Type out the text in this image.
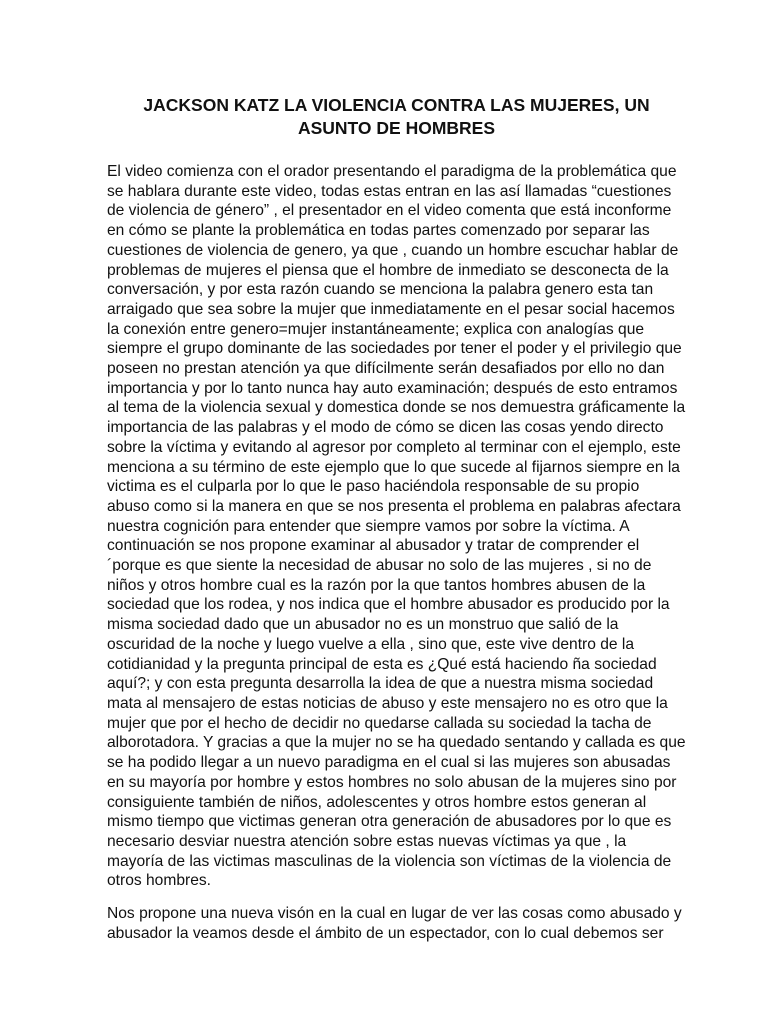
JACKSON KATZ LA VIOLENCIA CONTRA LAS MUJERES, UN ASUNTO DE HOMBRES

El video comienza con el orador presentando el paradigma de la problemática que se hablara durante este video, todas estas entran en las así llamadas “cuestiones de violencia de género” , el presentador en el video comenta que está inconforme en cómo se plante la problemática en todas partes comenzado por separar las cuestiones de violencia de genero, ya que , cuando un hombre escuchar hablar de problemas de mujeres el piensa que el hombre de inmediato se desconecta de la conversación, y por esta razón cuando se menciona la palabra genero esta tan arraigado que sea sobre la mujer que inmediatamente en el pesar social hacemos la conexión entre genero=mujer instantáneamente; explica con analogías que siempre el grupo dominante de las sociedades por tener el poder y el privilegio que poseen no prestan atención ya que difícilmente serán desafiados por ello no dan importancia y por lo tanto nunca hay auto examinación; después de esto entramos al tema de la violencia sexual y domestica donde se nos demuestra gráficamente la importancia de las palabras y el modo de cómo se dicen las cosas yendo directo sobre la víctima y evitando al agresor por completo al terminar con el ejemplo, este menciona a su término de este ejemplo que lo que sucede al fijarnos siempre en la victima es el culparla por lo que le paso haciéndola responsable de su propio abuso como si la manera en que se nos presenta el problema en palabras afectara nuestra cognición para entender que siempre vamos por sobre la víctima. A continuación se nos propone examinar al abusador y tratar de comprender el ´porque es que siente la necesidad de abusar no solo de las mujeres , si no de niños y otros hombre cual es la razón por la que tantos hombres abusen de la sociedad que los rodea, y nos indica que el hombre abusador es producido por la misma sociedad dado que un abusador no es un monstruo que salió de la oscuridad de la noche y luego vuelve a ella , sino que, este vive dentro de la cotidianidad y la pregunta principal de esta es ¿Qué está haciendo ña sociedad aquí?; y con esta pregunta desarrolla la idea de que a nuestra misma sociedad mata al mensajero de estas noticias de abuso y este mensajero no es otro que la mujer que por el hecho de decidir no quedarse callada su sociedad la tacha de alborotadora. Y gracias a que la mujer no se ha quedado sentando y callada es que se ha podido llegar a un nuevo paradigma en el cual si las mujeres son abusadas en su mayoría por hombre y estos hombres no solo abusan de la mujeres sino por consiguiente también de niños, adolescentes y otros hombre estos generan al mismo tiempo que victimas generan otra generación de abusadores por lo que es necesario desviar nuestra atención sobre estas nuevas víctimas ya que , la mayoría de las victimas masculinas de la violencia son víctimas de la violencia de otros hombres.

Nos propone una nueva visón en la cual en lugar de ver las cosas como abusado y abusador la veamos desde el ámbito de un espectador, con lo cual debemos ser
